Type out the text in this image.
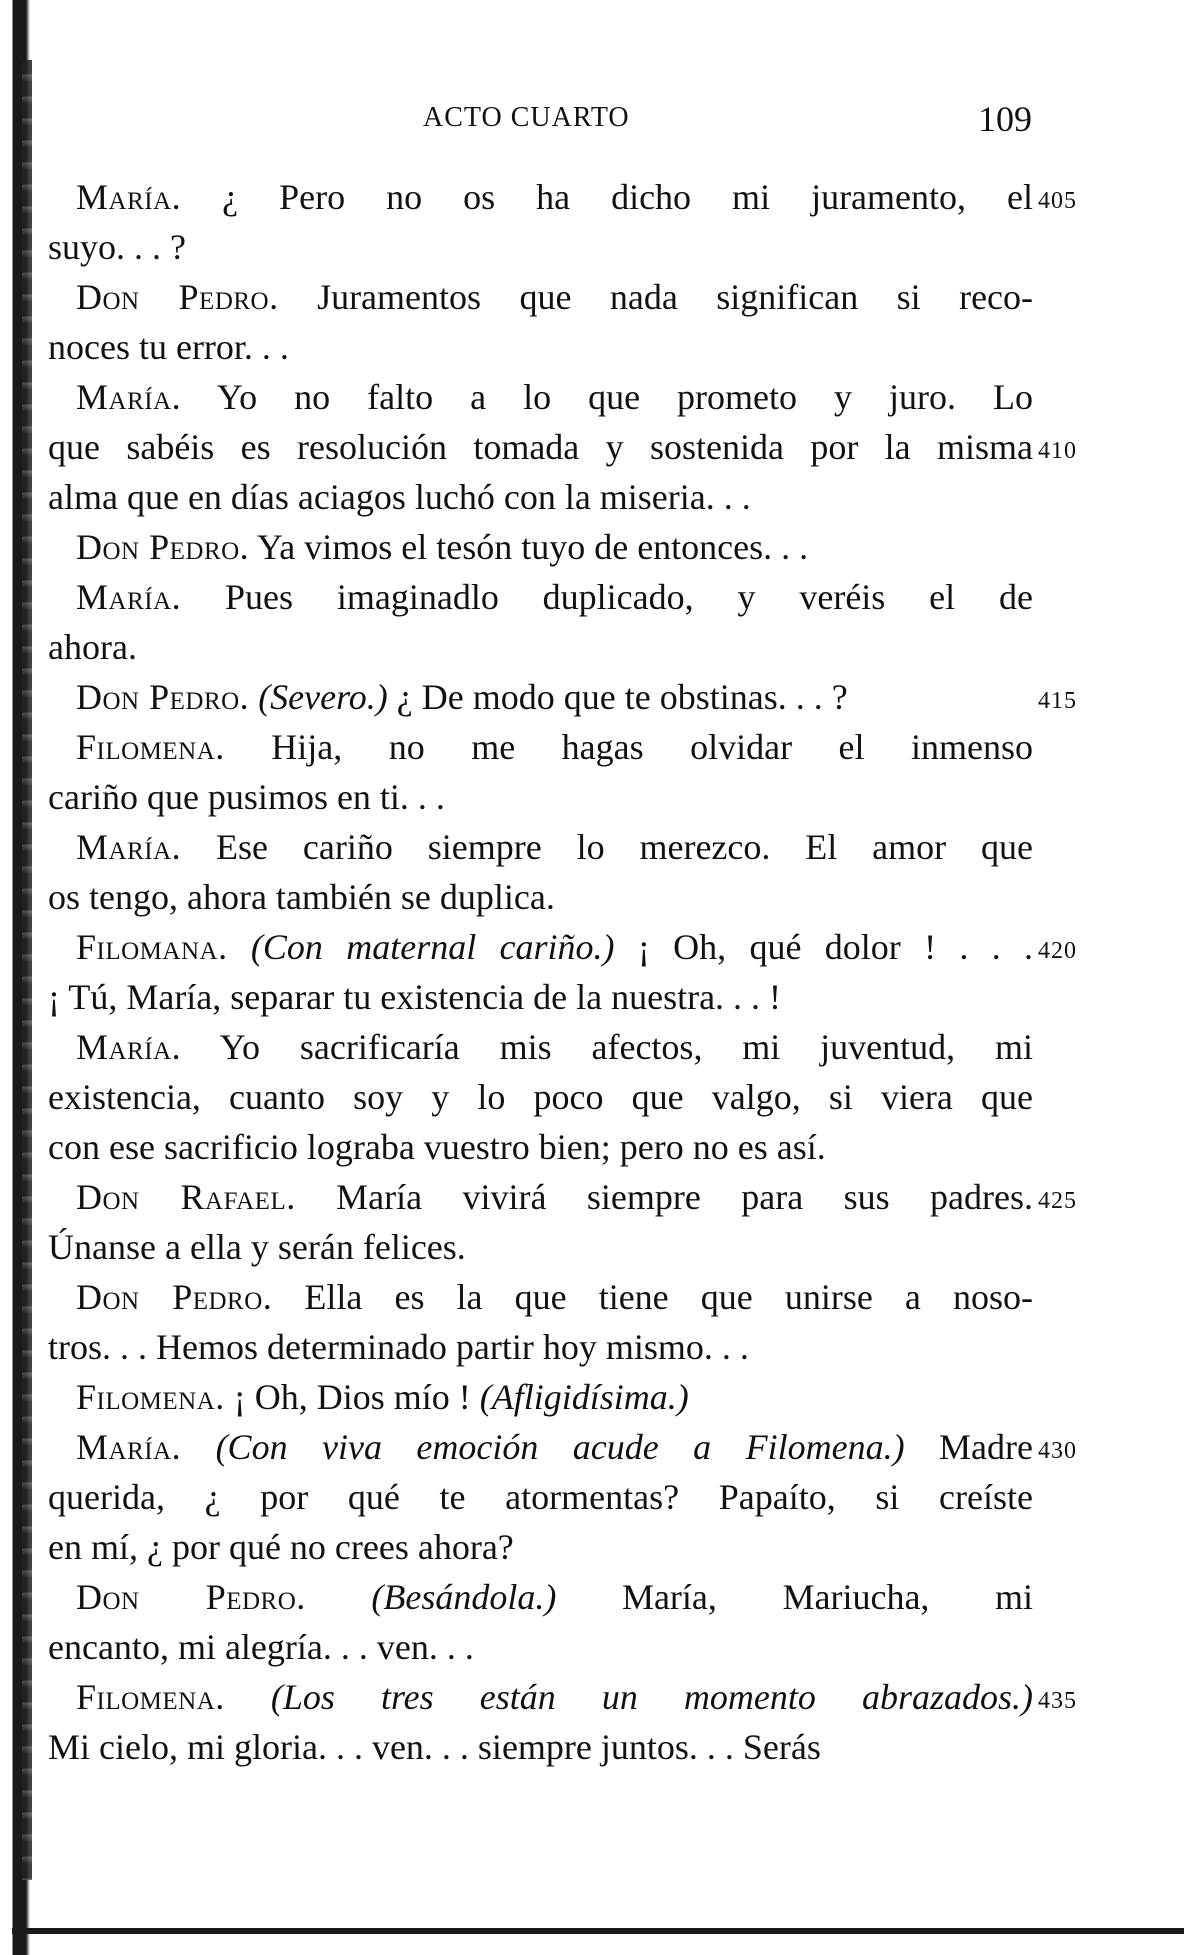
ACTO CUARTO	109
María. ¿ Pero no os ha dicho mi juramento, el 405
suyo. . . ?
Don Pedro. Juramentos que nada significan si reco-
noces tu error. . .
María. Yo no falto a lo que prometo y juro. Lo
que sabéis es resolución tomada y sostenida por la misma 410
alma que en días aciagos luchó con la miseria. . .
Don Pedro. Ya vimos el tesón tuyo de entonces. . .
María. Pues imaginadlo duplicado, y veréis el de
ahora.
Don Pedro. (Severo.) ¿ De modo que te obstinas. . . ?	415
Filomena. Hija, no me hagas olvidar el inmenso
cariño que pusimos en ti. . .
María. Ese cariño siempre lo merezco. El amor que
os tengo, ahora también se duplica.
Filomana. (Con maternal cariño.) ¡ Oh, qué dolor ! . . . 420
¡ Tú, María, separar tu existencia de la nuestra. . . !
María. Yo sacrificaría mis afectos, mi juventud, mi
existencia, cuanto soy y lo poco que valgo, si viera que
con ese sacrificio lograba vuestro bien; pero no es así.
Don Rafael. María vivirá siempre para sus padres. 425
Únanse a ella y serán felices.
Don Pedro. Ella es la que tiene que unirse a noso-
tros. . . Hemos determinado partir hoy mismo. . .
Filomena. ¡ Oh, Dios mío ! (Afligidísima.)
María. (Con viva emoción acude a Filomena.) Madre 430
querida, ¿ por qué te atormentas? Papaíto, si creíste
en mí, ¿ por qué no crees ahora?
Don Pedro. (Besándola.) María, Mariucha, mi
encanto, mi alegría. . . ven. . .
Filomena. (Los tres están un momento abrazados.) 435
Mi cielo, mi gloria. . . ven. . . siempre juntos. . . Serás
